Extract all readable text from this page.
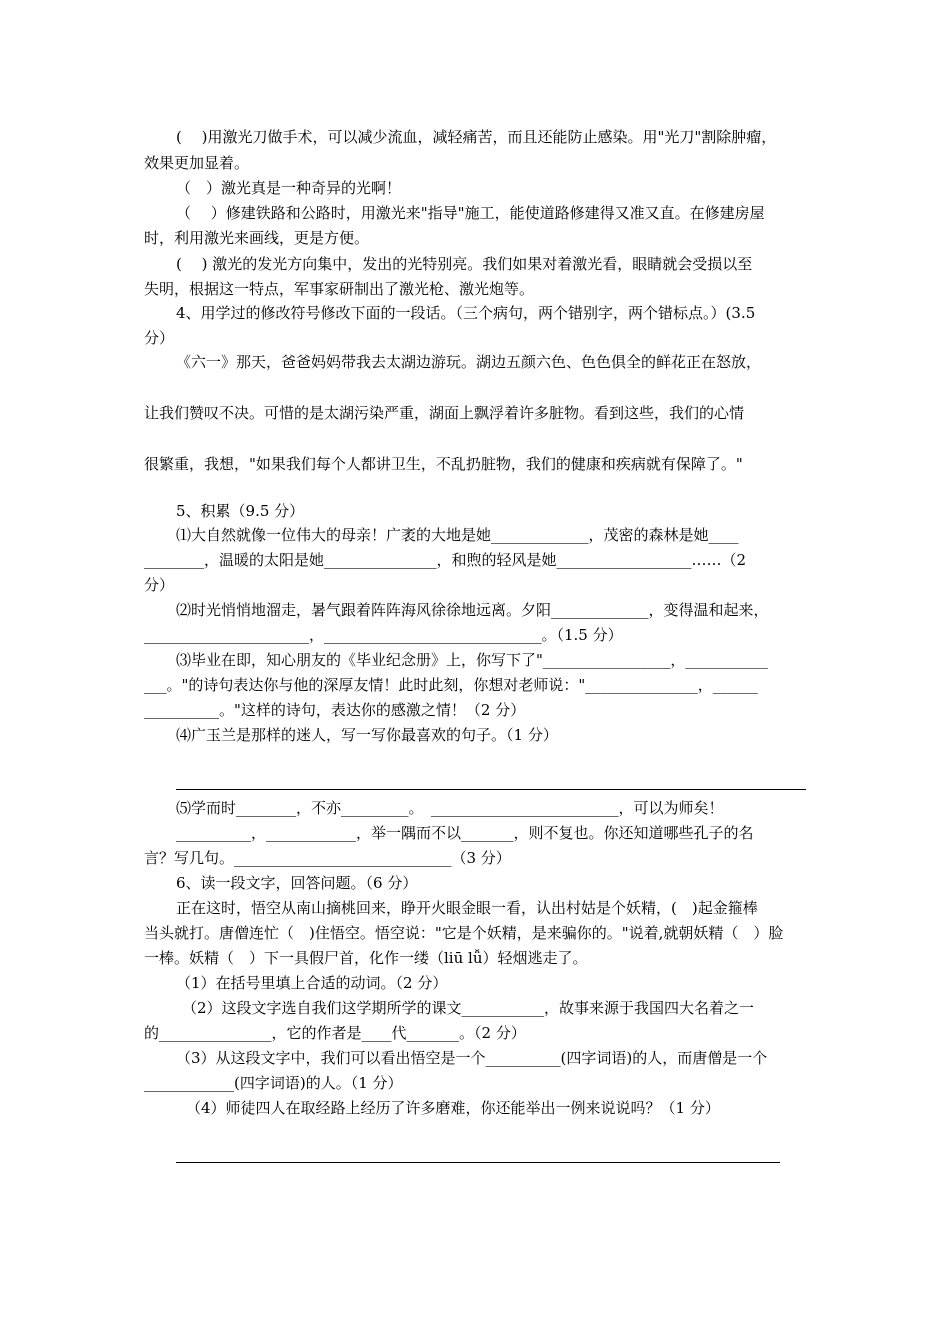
(　 )用激光刀做手术，可以减少流血，减轻痛苦，而且还能防止感染。用"光刀"割除肿瘤，
效果更加显着。
（　）激光真是一种奇异的光啊！
（　 ）修建铁路和公路时，用激光来"指导"施工，能使道路修建得又准又直。在修建房屋
时，利用激光来画线，更是方便。
(　 ) 激光的发光方向集中，发出的光特别亮。我们如果对着激光看，眼睛就会受损以至
失明，根据这一特点，军事家研制出了激光枪、激光炮等。
4、用学过的修改符号修改下面的一段话。（三个病句，两个错别字，两个错标点。）(3.5
分）
《六一》那天，爸爸妈妈带我去太湖边游玩。湖边五颜六色、色色俱全的鲜花正在怒放，
让我们赞叹不决。可惜的是太湖污染严重，湖面上飘浮着许多脏物。看到这些，我们的心情
很繁重，我想，"如果我们每个人都讲卫生，不乱扔脏物，我们的健康和疾病就有保障了。"
5、积累（9.5 分）
⑴大自然就像一位伟大的母亲！广袤的大地是她_____________，茂密的森林是她____
________，温暖的太阳是她_______________，和煦的轻风是她__________________……（2
分）
⑵时光悄悄地溜走，暑气跟着阵阵海风徐徐地远离。夕阳_____________，变得温和起来，
______________________，_____________________________。（1.5 分）
⑶毕业在即，知心朋友的《毕业纪念册》上，你写下了"_________________，___________
___。"的诗句表达你与他的深厚友情！此时此刻，你想对老师说："_______________，______
__________。"这样的诗句，表达你的感激之情！（2 分）
⑷广玉兰是那样的迷人，写一写你最喜欢的句子。（1 分）
⑸学而时________，不亦_________。　_________________________，可以为师矣！
__________，____________，举一隅而不以_______，则不复也。你还知道哪些孔子的名
言？写几句。_____________________________（3 分）
6、读一段文字，回答问题。（6 分）
正在这时，悟空从南山摘桃回来，睁开火眼金眼一看，认出村姑是个妖精，(　)起金箍棒
当头就打。唐僧连忙（　)住悟空。悟空说："它是个妖精，是来骗你的。"说着,就朝妖精（　）脸
一棒。妖精（　）下一具假尸首，化作一缕（liū lǚ）轻烟逃走了。
（1）在括号里填上合适的动词。（2 分）
（2）这段文字选自我们这学期所学的课文___________，故事来源于我国四大名着之一
的_______________，它的作者是____代_______。（2 分）
（3）从这段文字中，我们可以看出悟空是一个__________(四字词语)的人，而唐僧是一个
____________(四字词语)的人。（1 分）
（4）师徒四人在取经路上经历了许多磨难，你还能举出一例来说说吗？（1 分）
